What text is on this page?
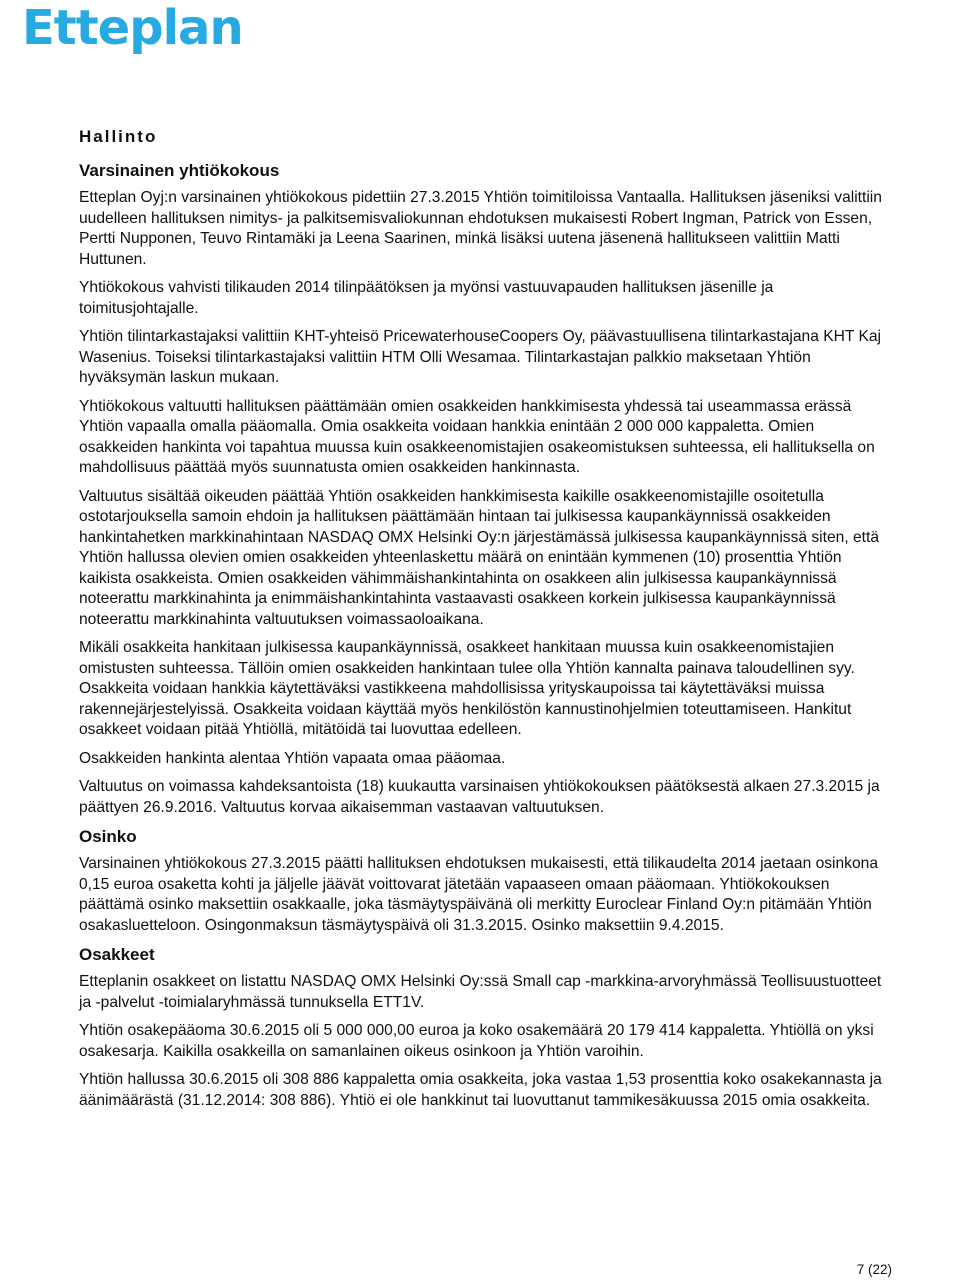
Etteplan
Hallinto
Varsinainen yhtiökokous
Etteplan Oyj:n varsinainen yhtiökokous pidettiin 27.3.2015 Yhtiön toimitiloissa Vantaalla. Hallituksen jäseniksi valittiin uudelleen hallituksen nimitys- ja palkitsemisvaliokunnan ehdotuksen mukaisesti Robert Ingman, Patrick von Essen, Pertti Nupponen, Teuvo Rintamäki ja Leena Saarinen, minkä lisäksi uutena jäsenenä hallitukseen valittiin Matti Huttunen.
Yhtiökokous vahvisti tilikauden 2014 tilinpäätöksen ja myönsi vastuuvapauden hallituksen jäsenille ja toimitusjohtajalle.
Yhtiön tilintarkastajaksi valittiin KHT-yhteisö PricewaterhouseCoopers Oy, päävastuullisena tilintarkastajana KHT Kaj Wasenius. Toiseksi tilintarkastajaksi valittiin HTM Olli Wesamaa. Tilintarkastajan palkkio maksetaan Yhtiön hyväksymän laskun mukaan.
Yhtiökokous valtuutti hallituksen päättämään omien osakkeiden hankkimisesta yhdessä tai useammassa erässä Yhtiön vapaalla omalla pääomalla. Omia osakkeita voidaan hankkia enintään 2 000 000 kappaletta. Omien osakkeiden hankinta voi tapahtua muussa kuin osakkeenomistajien osakeomistuksen suhteessa, eli hallituksella on mahdollisuus päättää myös suunnatusta omien osakkeiden hankinnasta.
Valtuutus sisältää oikeuden päättää Yhtiön osakkeiden hankkimisesta kaikille osakkeenomistajille osoitetulla ostotarjouksella samoin ehdoin ja hallituksen päättämään hintaan tai julkisessa kaupankäynnissä osakkeiden hankintahetken markkinahintaan NASDAQ OMX Helsinki Oy:n järjestämässä julkisessa kaupankäynnissä siten, että Yhtiön hallussa olevien omien osakkeiden yhteenlaskettu määrä on enintään kymmenen (10) prosenttia Yhtiön kaikista osakkeista. Omien osakkeiden vähimmäishankintahinta on osakkeen alin julkisessa kaupankäynnissä noteerattu markkinahinta ja enimmäishankintahinta vastaavasti osakkeen korkein julkisessa kaupankäynnissä noteerattu markkinahinta valtuutuksen voimassaoloaikana.
Mikäli osakkeita hankitaan julkisessa kaupankäynnissä, osakkeet hankitaan muussa kuin osakkeenomistajien omistusten suhteessa. Tällöin omien osakkeiden hankintaan tulee olla Yhtiön kannalta painava taloudellinen syy. Osakkeita voidaan hankkia käytettäväksi vastikkeena mahdollisissa yrityskaupoissa tai käytettäväksi muissa rakennejärjestelyissä. Osakkeita voidaan käyttää myös henkilöstön kannustinohjelmien toteuttamiseen. Hankitut osakkeet voidaan pitää Yhtiöllä, mitätöidä tai luovuttaa edelleen.
Osakkeiden hankinta alentaa Yhtiön vapaata omaa pääomaa.
Valtuutus on voimassa kahdeksantoista (18) kuukautta varsinaisen yhtiökokouksen päätöksestä alkaen 27.3.2015 ja päättyen 26.9.2016. Valtuutus korvaa aikaisemman vastaavan valtuutuksen.
Osinko
Varsinainen yhtiökokous 27.3.2015 päätti hallituksen ehdotuksen mukaisesti, että tilikaudelta 2014 jaetaan osinkona 0,15 euroa osaketta kohti ja jäljelle jäävät voittovarat jätetään vapaaseen omaan pääomaan. Yhtiökokouksen päättämä osinko maksettiin osakkaalle, joka täsmäytyspäivänä oli merkitty Euroclear Finland Oy:n pitämään Yhtiön osakasluetteloon. Osingonmaksun täsmäytyspäivä oli 31.3.2015. Osinko maksettiin 9.4.2015.
Osakkeet
Etteplanin osakkeet on listattu NASDAQ OMX Helsinki Oy:ssä Small cap -markkina-arvoryhmässä Teollisuustuotteet ja -palvelut -toimialaryhmässä tunnuksella ETT1V.
Yhtiön osakepääoma 30.6.2015 oli 5 000 000,00 euroa ja koko osakemäärä 20 179 414 kappaletta. Yhtiöllä on yksi osakesarja. Kaikilla osakkeilla on samanlainen oikeus osinkoon ja Yhtiön varoihin.
Yhtiön hallussa 30.6.2015 oli 308 886 kappaletta omia osakkeita, joka vastaa 1,53 prosenttia koko osakekannasta ja äänimäärästä (31.12.2014: 308 886). Yhtiö ei ole hankkinut tai luovuttanut tammikesäkuussa 2015 omia osakkeita.
7 (22)
